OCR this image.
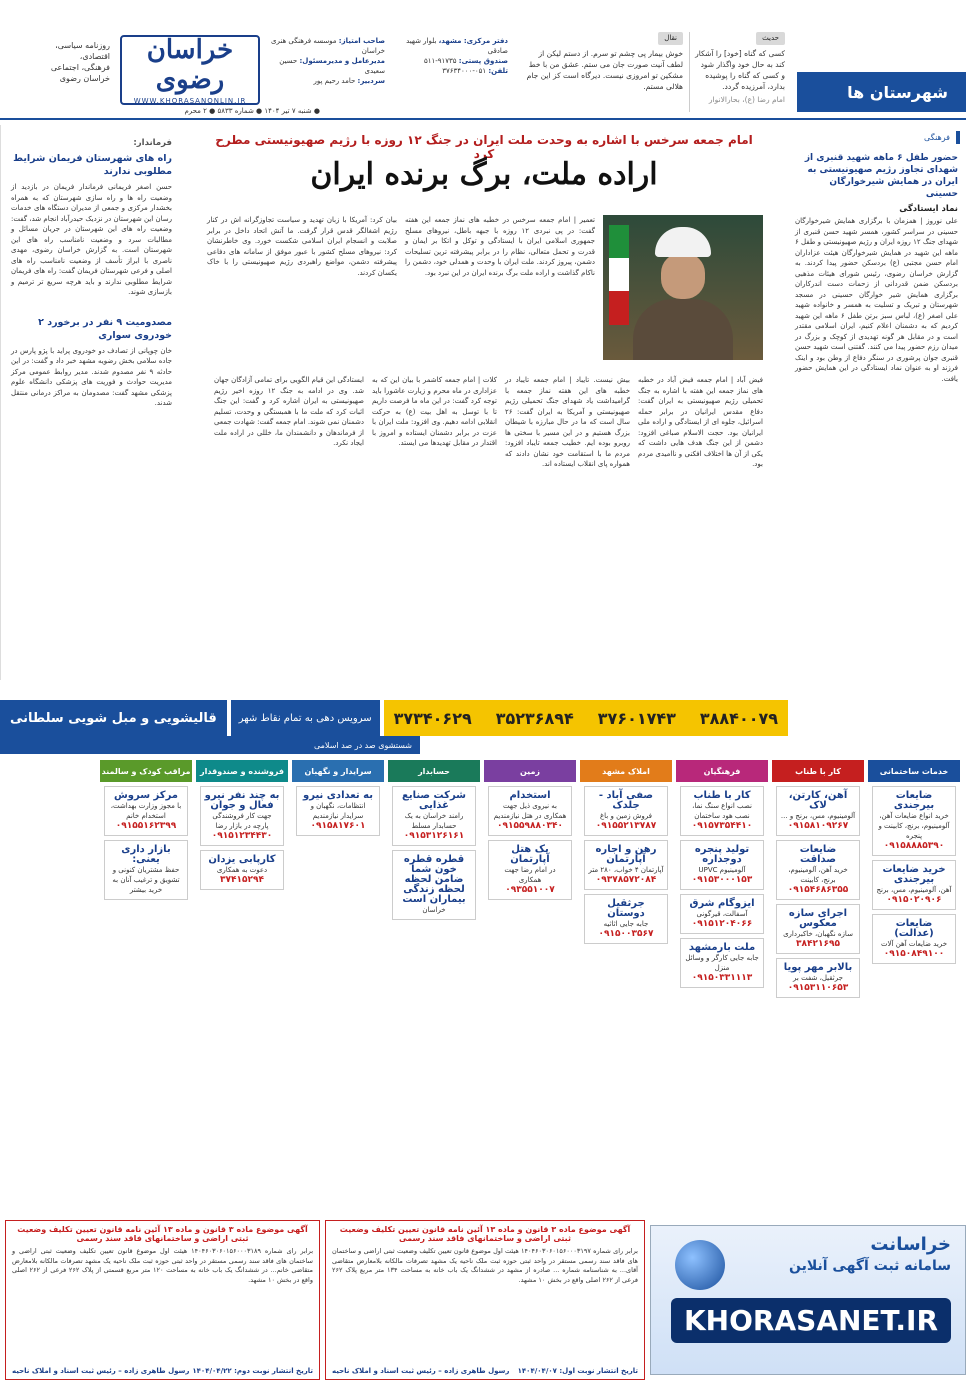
خراسان رضوی
WWW.KHORASANONLIN.IR
روزنامه سیاسی، اقتصادی،
فرهنگی، اجتماعی
خراسان رضوی
دفتر مرکزی: مشهد، بلوار شهید صادقی
صندوق پستی: ۹۱۷۳۵-۵۱۱
تلفن: ۰۵۱-۳۷۶۳۴۰۰۰
صاحب امتیاز: موسسه فرهنگی هنری خراسان
مدیرعامل و مدیرمسئول: حسین سعیدی
سردبیر: حامد رحیم پور
● شنبه ۷ تیر ۱۴۰۴ ● شماره ۵۸۳۳ ● ۲ محرم
نقال
خوش بیمار پی چشم تو سرم. از دستم لیکن از لطف آنیت صورت جان می ستم. عشق من با خط مشکین تو امروزی نیست. دیرگاه است کز این جام هلالی مستم.
حدیث
کسی که گناه [خود] را آشکار کند به حال خود واگذار شود و کسی که گناه را پوشیده بدارد، آمرزیده گردد.
امام رضا (ع)، بحارالانوار	شهرستان ها
فرماندار:
راه های شهرستان فریمان شرایط مطلوبی ندارند
حسن اصغر فریمانی فرماندار فریمان در بازدید از وضعیت راه ها و راه سازی شهرستان که به همراه بخشدار مرکزی و جمعی از مدیران دستگاه های خدمات رسان این شهرستان در نزدیک حیدرآباد انجام شد، گفت: وضعیت راه های این شهرستان در جریان مسائل و مطالبات سرد و وضعیت نامناسب راه های این شهرستان است. به گزارش خراسان رضوی، مهدی ناصری با ابراز تأسف از وضعیت نامناسب راه های اصلی و فرعی شهرستان فریمان گفت: راه های فریمان شرایط مطلوبی ندارند و باید هرچه سریع تر ترمیم و بازسازی شوند.
مصدومیت ۹ نفر در برخورد ۲ خودروی سواری
خان چوپانی از تصادف دو خودروی پراید با پژو پارس در جاده سلامی بخش رضویه مشهد خبر داد و گفت: در این حادثه ۹ نفر مصدوم شدند. مدیر روابط عمومی مرکز مدیریت حوادث و فوریت های پزشکی دانشگاه علوم پزشکی مشهد گفت: مصدومان به مراکز درمانی منتقل شدند.
امام جمعه سرخس با اشاره به وحدت ملت ایران در جنگ ۱۲ روزه با رژیم صهیونیستی مطرح کرد
اراده ملت، برگ برنده ایران
تعمیر | امام جمعه سرخس در خطبه های نماز جمعه این هفته گفت: در پی نبردی ۱۲ روزه با جبهه باطل، نیروهای مسلح جمهوری اسلامی ایران با ایستادگی و توکل و اتکا بر ایمان و قدرت و تحمل متعالی، نظام را در برابر پیشرفته ترین تسلیحات دشمن، پیروز کردند. ملت ایران با وحدت و همدلی خود، دشمن را ناکام گذاشت و اراده ملت برگ برنده ایران در این نبرد بود.
بیان کرد: آمریکا با زبان تهدید و سیاست تجاوزگرانه اش در کنار رژیم اشغالگر قدس قرار گرفت. ما آتش اتحاد داخل در برابر صلابت و انسجام ایران اسلامی شکست خورد. وی خاطرنشان کرد: نیروهای مسلح کشور با عبور موفق از سامانه های دفاعی پیشرفته دشمن، مواضع راهبردی رژیم صهیونیستی را با خاک یکسان کردند.
فیض آباد | امام جمعه فیض آباد در خطبه های نماز جمعه این هفته با اشاره به جنگ تحمیلی رژیم صهیونیستی به ایران گفت: دفاع مقدس ایرانیان در برابر حمله اسرائیل، جلوه ای از ایستادگی و اراده ملی ایرانیان بود. حجت الاسلام صباغی افزود: دشمن از این جنگ هدف هایی داشت که یکی از آن ها اختلاف افکنی و ناامیدی مردم بود.
بیش نیست. تایباد | امام جمعه تایباد در خطبه های این هفته نماز جمعه با گرامیداشت یاد شهدای جنگ تحمیلی رژیم صهیونیستی و آمریکا به ایران گفت: ۲۶ سال است که ما در حال مبارزه با شیطان بزرگ هستیم و در این مسیر با سختی ها روبرو بوده ایم. خطیب جمعه تایباد افزود: مردم ما با استقامت خود نشان دادند که همواره پای انقلاب ایستاده اند.
کلات | امام جمعه کاشمر با بیان این که به عزاداری در ماه محرم و زیارت عاشورا باید توجه کرد گفت: در این ماه ما فرصت داریم تا با توسل به اهل بیت (ع) به حرکت انقلابی ادامه دهیم. وی افزود: ملت ایران با عزت در برابر دشمنان ایستاده و امروز با اقتدار در مقابل تهدیدها می ایستد.
ایستادگی این قیام الگویی برای تمامی آزادگان جهان شد. وی در ادامه به جنگ ۱۲ روزه اخیر رژیم صهیونیستی به ایران اشاره کرد و گفت: این جنگ اثبات کرد که ملت ما با همبستگی و وحدت، تسلیم دشمنان نمی شوند. امام جمعه گفت: شهادت جمعی از فرماندهان و دانشمندان ما، خللی در اراده ملت ایجاد نکرد.
فرهنگی
حضور طفل ۶ ماهه شهید قنبری از شهدای تجاوز رژیم صهیونیستی به ایران در همایش شیرخوارگان حسینی
نماد ایستادگی
علی نوروز | همزمان با برگزاری همایش شیرخوارگان حسینی در سراسر کشور، همسر شهید حسن قنبری از شهدای جنگ ۱۲ روزه ایران و رژیم صهیونیستی و طفل ۶ ماهه این شهید در همایش شیرخوارگان هیئت عزاداران امام حسن مجتبی (ع) بردسکن حضور پیدا کردند. به گزارش خراسان رضوی، رئیس شورای هیئات مذهبی بردسکن ضمن قدردانی از زحمات دست اندرکاران برگزاری همایش شیر خوارگان حسینی در مسجد شهرستان و تبریک و تسلیت به همسر و خانواده شهید علی اصغر (ع)، لباس سبز برتن طفل ۶ ماهه این شهید کردیم که به دشمنان اعلام کنیم، ایران اسلامی مقتدر است و در مقابل هر گونه تهدیدی از کوچک و بزرگ در میدان رزم حضور پیدا می کنند. گفتنی است شهید حسن قنبری جوان پرشوری در سنگر دفاع از وطن بود و اینک فرزند او به عنوان نماد ایستادگی در این همایش حضور یافت.
۳۸۸۴۰۰۷۹
۳۷۶۰۱۷۴۳
۳۵۲۳۶۸۹۴
۳۷۳۴۰۶۲۹
سرویس دهی به تمام نقاط شهر
قالیشویی و مبل شویی سلطانی
شستشوی صد در صد اسلامی
خدمات ساختمانی
ضایعات بیرجندی
خرید انواع ضایعات آهن، آلومینیوم، برنج، کابینت و پنجره
۰۹۱۵۸۸۸۵۳۹۰
خرید ضایعات بیرجندی
آهن، آلومینیوم، مس، برنج
۰۹۱۵۰۲۰۹۰۶
ضایعات (عدالت)
خرید ضایعات آهن آلات
۰۹۱۵۰۸۴۹۱۰۰
کار با طناب
آهن، کارتن، لاک
آلومینیوم، مس، برنج و ...
۰۹۱۵۸۱۰۹۲۶۷
ضایعات صداقت
خرید آهن، آلومینیوم، برنج، کابینت
۰۹۱۵۴۶۸۶۳۵۵
اجرای سازه معکوس
سازه نگهبان، خاکبرداری
۳۸۴۲۱۶۹۵
بالابر مهر پویا
جرثقیل، شفت بر
۰۹۱۵۳۱۱۰۶۵۳
فرهنگیان
کار با طناب
نصب انواع سنگ نما، نصب هود ساختمان
۰۹۱۵۷۳۵۴۴۱۰
تولید پنجره دوجداره
آلومینیوم UPVC
۰۹۱۵۳۰۰۰۱۵۳
ایزوگام شرق
آسفالت، قیرگونی
۰۹۱۵۱۲۰۴۰۶۶
ملت بارمشهد
جابه جایی کارگر و وسائل منزل
۰۹۱۵۰۳۳۱۱۱۳
املاک مشهد
صفی آباد - جلدک
فروش زمین و باغ
۰۹۱۵۵۲۱۳۷۸۷
رهن و اجاره آپارتمان
آپارتمان ۴ خواب، ۲۸۰ متر
۰۹۳۷۸۵۷۲۰۸۴
جرثقیل دوستان
جابه جایی اثاثیه
۰۹۱۵۰۰۳۵۶۷
زمین
استخدام
به نیروی ذیل جهت همکاری در هتل نیازمندیم
۰۹۱۵۵۹۸۸۰۳۴۰
یک هتل آپارتمان
در امام رضا جهت همکاری
۰۹۳۵۵۱۰۰۷
حسابدار
شرکت صنایع غذایی
رامند خراسان به یک حسابدار مسلط
۰۹۱۵۳۱۲۶۱۶۱
قطره قطره خون شما ضامن لحظه لحظه زندگی بیماران است
خراسان
سرایدار و نگهبان
به تعدادی نیرو
انتظامات، نگهبان و سرایدار نیازمندیم
۰۹۱۵۸۱۷۶۰۱
فروشنده و صندوقدار
به چند نفر نیرو فعال و جوان
جهت کار فروشندگی پارچه در بازار رضا
۰۹۱۵۱۲۳۴۴۳۰
کارپابی یزدان
دعوت به همکاری
۳۷۴۱۵۲۹۴
مراقب کودک و سالمند
مرکز سروش
با مجوز وزارت بهداشت، استخدام خانم
۰۹۱۵۵۱۶۲۳۹۹
بازار داری یعنی:
حفظ مشتریان کنونی و تشویق و ترغیب آنان به خرید بیشتر
آگهی موضوع ماده ۳ قانون و ماده ۱۳ آئین نامه قانون تعیین تکلیف وضعیت ثبتی اراضی و ساختمانهای فاقد سند رسمی
برابر رای شماره ۱۴۰۴۶۰۳۰۶۰۱۵۶۰۰۰۳۱۹۷ هیئت اول موضوع قانون تعیین تکلیف وضعیت ثبتی اراضی و ساختمان های فاقد سند رسمی مستقر در واحد ثبتی حوزه ثبت ملک ناحیه یک مشهد تصرفات مالکانه بلامعارض متقاضی آقای... به شناسنامه شماره ... صادره از مشهد در ششدانگ یک باب خانه به مساحت ۱۳۴ متر مربع پلاک ۲۶۲ فرعی از ۲۶۲ اصلی واقع در بخش ۱۰ مشهد.
تاریخ انتشار نوبت اول: ۱۴۰۴/۰۴/۰۷
رسول طاهری زاده – رئیس ثبت اسناد و املاک ناحیه
آگهی موضوع ماده ۳ قانون و ماده ۱۳ آئین نامه قانون تعیین تکلیف وضعیت ثبتی اراضی و ساختمانهای فاقد سند رسمی
برابر رای شماره ۱۴۰۴۶۰۳۰۶۰۱۵۶۰۰۰۳۱۸۹ هیئت اول موضوع قانون تعیین تکلیف وضعیت ثبتی اراضی و ساختمان های فاقد سند رسمی مستقر در واحد ثبتی حوزه ثبت ملک ناحیه یک مشهد تصرفات مالکانه بلامعارض متقاضی خانم... در ششدانگ یک باب خانه به مساحت ۱۲۰ متر مربع قسمتی از پلاک ۲۶۲ فرعی از ۲۶۲ اصلی واقع در بخش ۱۰ مشهد.
تاریخ انتشار نوبت دوم: ۱۴۰۴/۰۴/۲۲
رسول طاهری زاده – رئیس ثبت اسناد و املاک ناحیه
خراسانت
سامانه ثبت آگهی آنلاین
KHORASANET.IR
